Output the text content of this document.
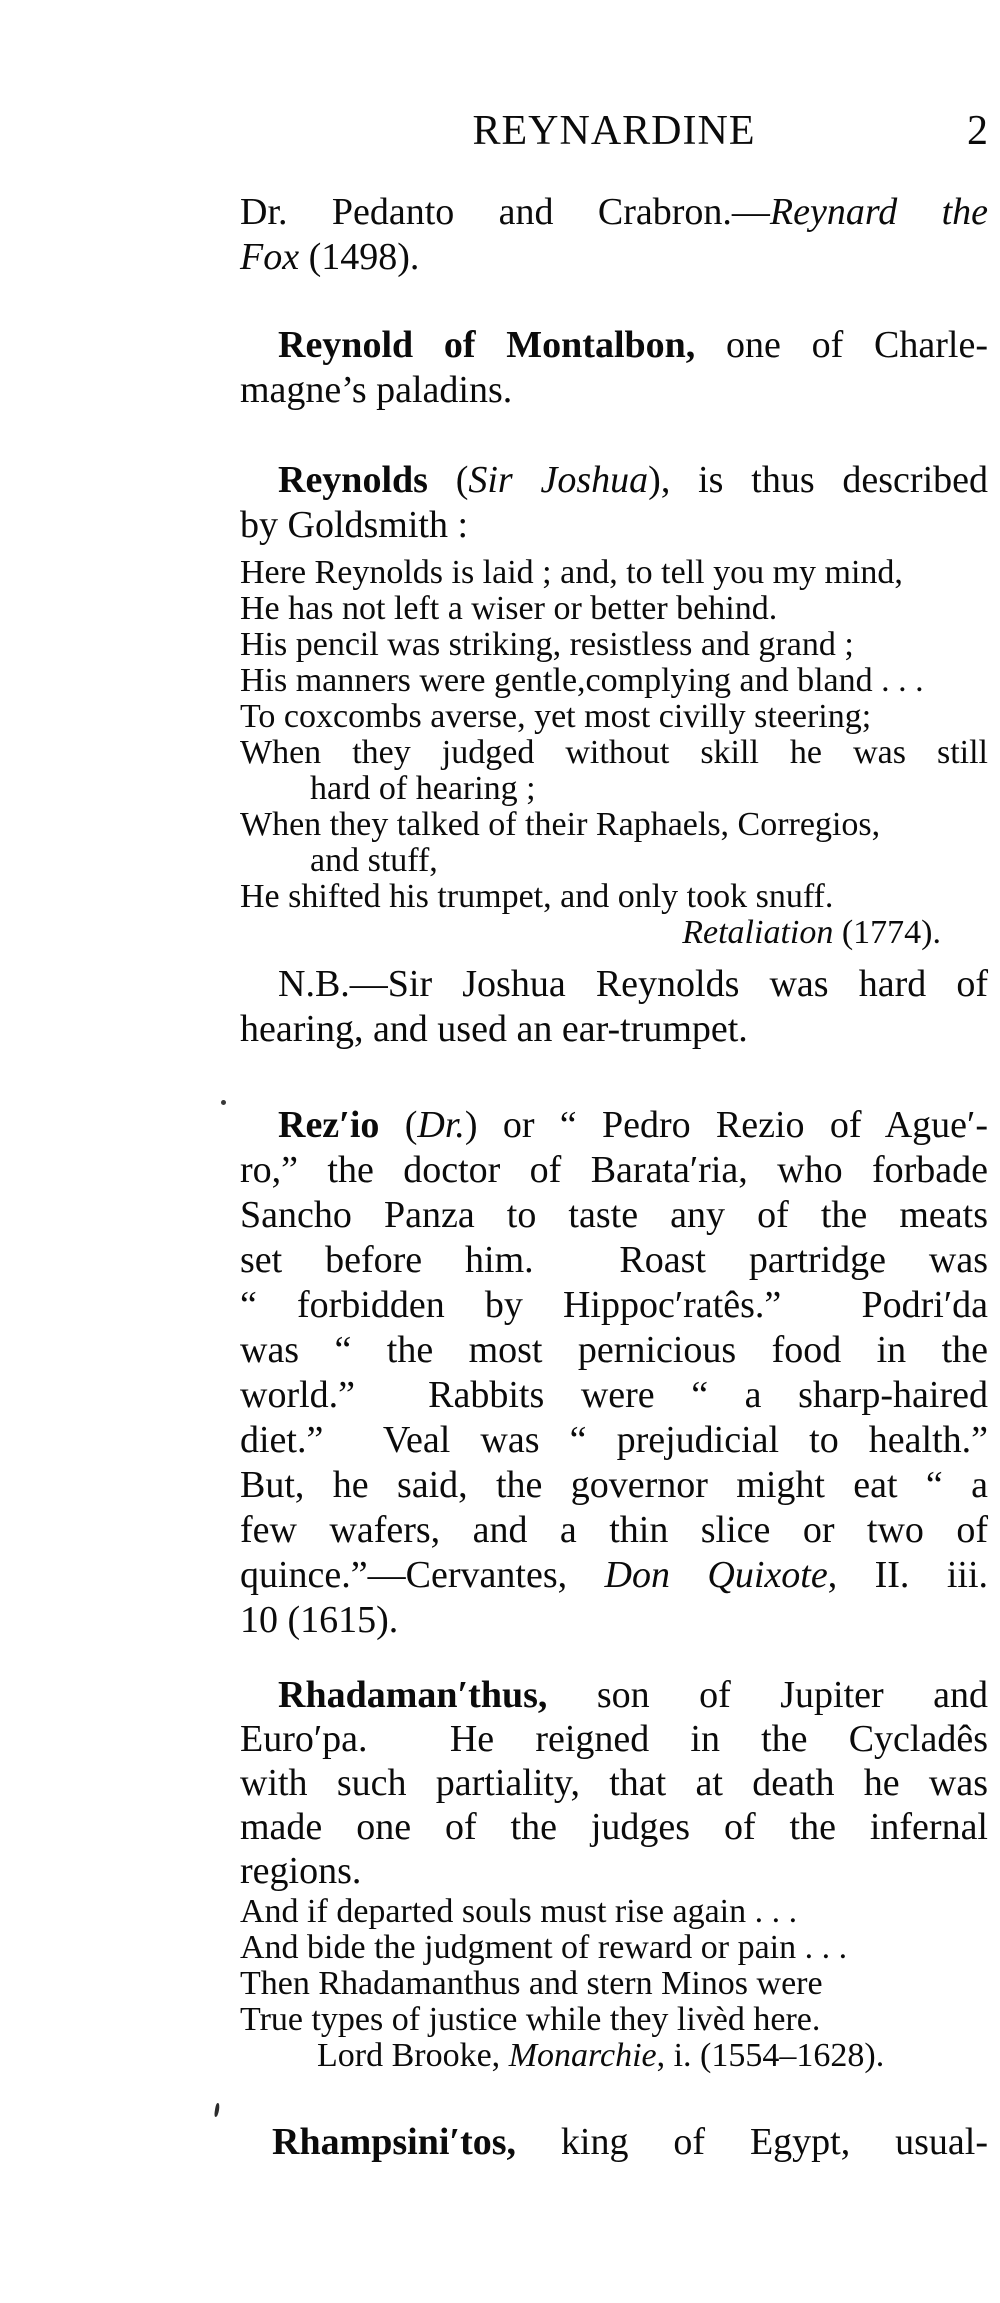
REYNARDINE	2
Dr. Pedanto and Crabron.—Reynard the
Fox (1498).
Reynold of Montalbon, one of Charle-
magne’s paladins.
Reynolds (Sir Joshua), is thus described
by Goldsmith :
Here Reynolds is laid ; and, to tell you my mind,
He has not left a wiser or better behind.
His pencil was striking, resistless and grand ;
His manners were gentle,complying and bland . . .
To coxcombs averse, yet most civilly steering;
When they judged without skill he was still
hard of hearing ;
When they talked of their Raphaels, Corregios,
and stuff,
He shifted his trumpet, and only took snuff.
Retaliation (1774).
N.B.—Sir Joshua Reynolds was hard of
hearing, and used an ear-trumpet.
Rez′io (Dr.) or “ Pedro Rezio of Ague′-
ro,” the doctor of Barata′ria, who forbade
Sancho Panza to taste any of the meats
set before him.  Roast partridge was
“ forbidden by Hippoc′ratês.”  Podri′da
was “ the most pernicious food in the
world.”  Rabbits were “ a sharp-haired
diet.”  Veal was “ prejudicial to health.”
But, he said, the governor might eat “ a
few wafers, and a thin slice or two of
quince.”—Cervantes, Don Quixote, II. iii.
10 (1615).
Rhadaman′thus, son of Jupiter and
Euro′pa.  He reigned in the Cycladês
with such partiality, that at death he was
made one of the judges of the infernal
regions.
And if departed souls must rise again . . .
And bide the judgment of reward or pain . . .
Then Rhadamanthus and stern Minos were
True types of justice while they livèd here.
Lord Brooke, Monarchie, i. (1554–1628).
Rhampsini′tos, king of Egypt, usual-
